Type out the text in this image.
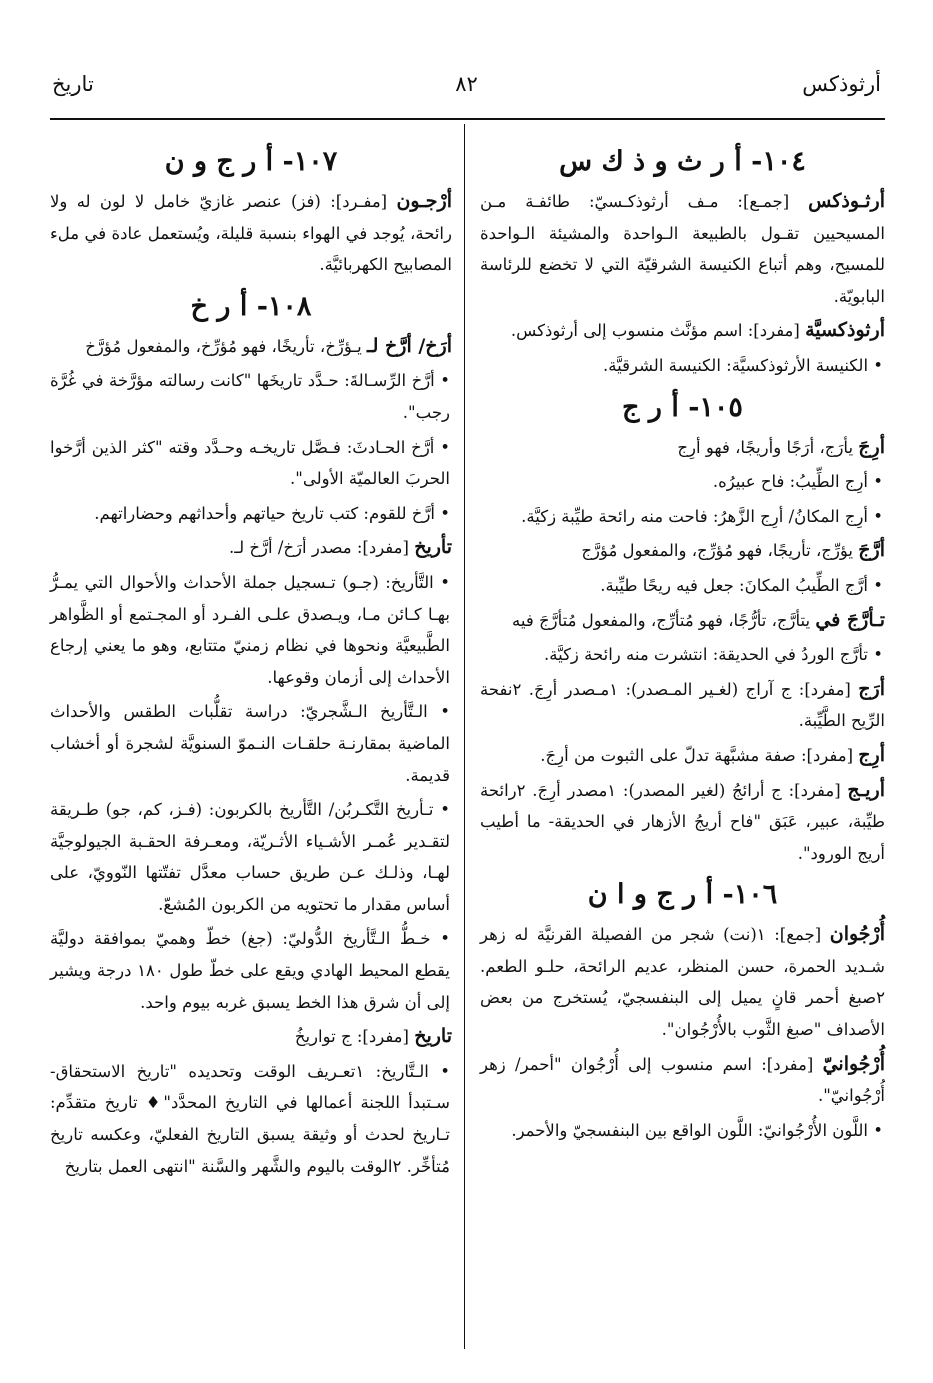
أرثوذكس
٨٢
تاريخ
١٠٤- أ ر ث و ذ ك س
أرثـوذكس [جمـع]: مـف أرثوذكـسيّ: طائفـة مـن المسيحيين تقـول بالطبيعة الـواحدة والمشيئة الـواحدة للمسيح، وهم أتباع الكنيسة الشرقيّة التي لا تخضع للرئاسة البابويّة.
أرثوذكسيَّة [مفرد]: اسم مؤنَّث منسوب إلى أرثوذكس.
• الكنيسة الأرثوذكسيَّة: الكنيسة الشرقيَّة.
١٠٥- أ ر ج
أرِجَ يأرَج، أرَجًا وأريجًا، فهو أرِج
• أرِج الطِّيبُ: فاح عبيرُه.
• أرِج المكانُ/ أرِج الزَّهرُ: فاحت منه رائحة طيِّبة زكيَّة.
أرَّجَ يؤرِّج، تأريجًا، فهو مُؤرِّج، والمفعول مُؤرَّج
• أرَّج الطِّيبُ المكانَ: جعل فيه ريحًا طيِّبة.
تـأرَّجَ في يتأرَّج، تأرُّجًا، فهو مُتأرِّج، والمفعول مُتأرَّجَ فيه
• تأرَّج الوردُ في الحديقة: انتشرت منه رائحة زكيَّة.
أرَج [مفرد]: ج آراج (لغـير المـصدر): ١مـصدر أرِجَ. ٢نفحة الرِّيح الطَّيِّبة.
أرِج [مفرد]: صفة مشبَّهة تدلّ على الثبوت من أرِجَ.
أريـج [مفرد]: ج أرائجُ (لغير المصدر): ١مصدر أرِجَ. ٢رائحة طيِّبة، عبير، عَبَق "فاح أريجُ الأزهار في الحديقة- ما أطيب أريج الورود".
١٠٦- أ ر ج و ا ن
أُرْجُوان [جمع]: ١(نت) شجر من الفصيلة القرنيَّة له زهر شـديد الحمرة، حسن المنظر، عديم الرائحة، حلـو الطعم. ٢صبغ أحمر قانٍ يميل إلى البنفسجيّ، يُستخرج من بعض الأصداف "صبغ الثَّوب بالأُرْجُوان".
أُرْجُوانيّ [مفرد]: اسم منسوب إلى أُرْجُوان "أحمر/ زهر أُرْجُوانيّ".
• اللَّون الأُرْجُوانيّ: اللَّون الواقع بين البنفسجيّ والأحمر.
١٠٧- أ ر ج و ن
أرْجـون [مفـرد]: (فز) عنصر غازيّ خامل لا لون له ولا رائحة، يُوجد في الهواء بنسبة قليلة، ويُستعمل عادة في ملء المصابيح الكهربائيَّة.
١٠٨- أ ر خ
أرَخ/ أرَّخ لـ يـؤرِّخ، تأريخًا، فهو مُؤرِّخ، والمفعول مُؤرَّخ
• أرَّخ الرِّسـالةَ: حـدَّد تاريخَها "كانت رسالته مؤرَّخة في غُرَّة رجب".
• أرَّخ الحـادثَ: فـصَّل تاريخـه وحـدَّد وقته "كثر الذين أرَّخوا الحربَ العالميّة الأولى".
• أرَّخ للقوم: كتب تاريخ حياتهم وأحداثهم وحضاراتهم.
تأريخ [مفرد]: مصدر أرَخ/ أرَّخ لـ.
• التَّأريخ: (جـو) تـسجيل جملة الأحداث والأحوال التي يمـرُّ بهـا كـائن مـا، ويـصدق علـى الفـرد أو المجـتمع أو الظَّواهر الطَّبيعيَّة ونحوها في نظام زمنيّ متتابع، وهو ما يعني إرجاع الأحداث إلى أزمان وقوعها.
• الـتَّأريخ الـشَّجريّ: دراسة تقلُّبات الطقس والأحداث الماضية بمقارنـة حلقـات النـموّ السنويَّة لشجرة أو أخشاب قديمة.
• تـأريخ التَّكـربُن/ التَّأريخ بالكربون: (فـز، كم، جو) طـريقة لتقـدير عُمـر الأشـياء الأثـريّة، ومعـرفة الحقـبة الجيولوجيَّة لهـا، وذلـك عـن طريق حساب معدَّل تفتّتها النّوويّ، على أساس مقدار ما تحتويه من الكربون المُشعّ.
• خـطُّ الـتَّأريخ الدُّوليّ: (جغ) خطّ وهميّ بموافقة دوليَّة يقطع المحيط الهادي ويقع على خطّ طول ١٨٠ درجة ويشير إلى أن شرق هذا الخط يسبق غربه بيوم واحد.
تاريخ [مفرد]: ج تواريخُ
• الـتَّاريخ: ١تعـريف الوقت وتحديده "تاريخ الاستحقاق- سـتبدأ اللجنة أعمالها في التاريخ المحدَّد"♦ تاريخ متقدِّم: تـاريخ لحدث أو وثيقة يسبق التاريخ الفعليّ، وعكسه تاريخ مُتأخِّر. ٢الوقت باليوم والشَّهر والسَّنة "انتهى العمل بتاريخ
